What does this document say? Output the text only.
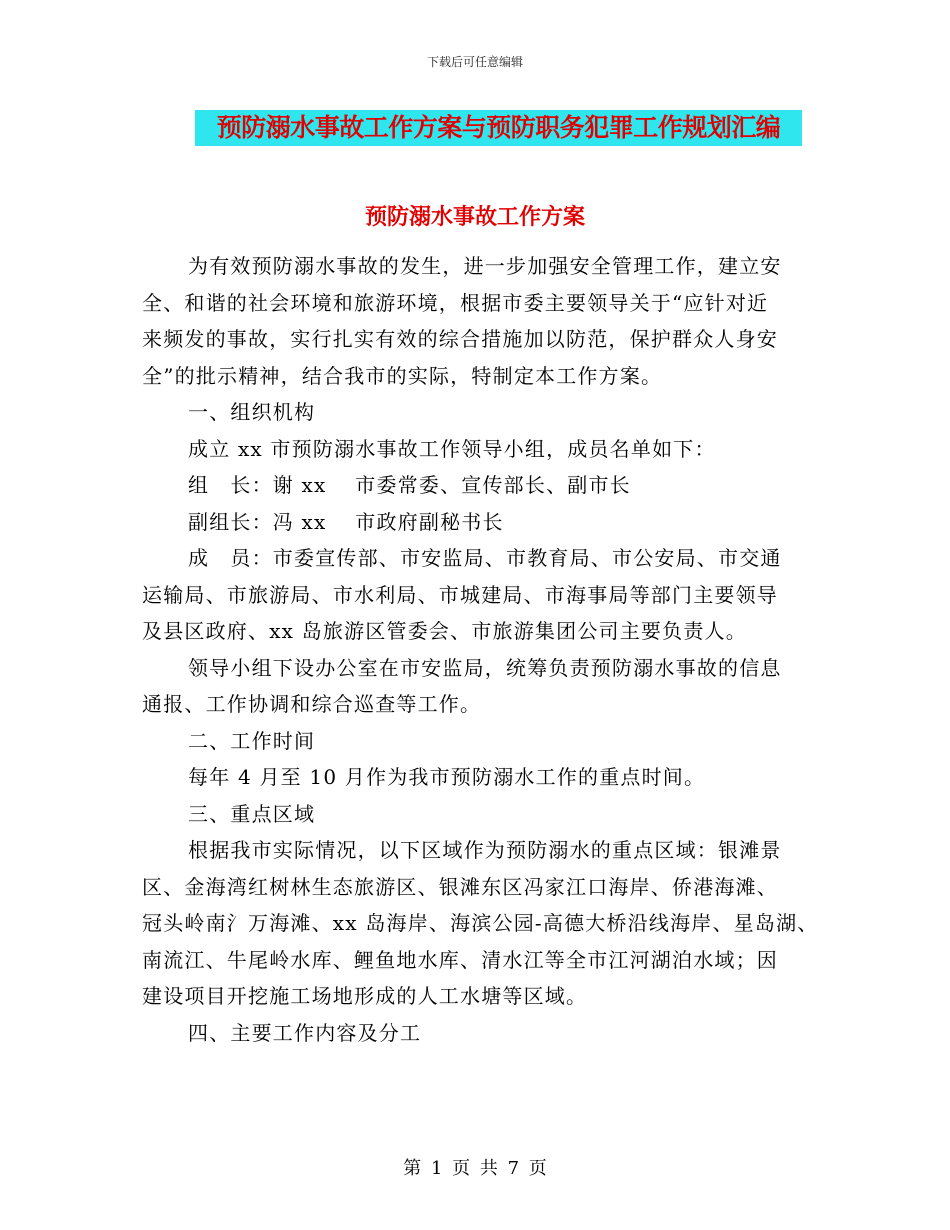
下载后可任意编辑
预防溺水事故工作方案与预防职务犯罪工作规划汇编
预防溺水事故工作方案

为有效预防溺水事故的发生，进一步加强安全管理工作，建立安

全、和谐的社会环境和旅游环境，根据市委主要领导关于“应针对近

来频发的事故，实行扎实有效的综合措施加以防范，保护群众人身安

全”的批示精神，结合我市的实际，特制定本工作方案。

一、组织机构

成立 xx 市预防溺水事故工作领导小组，成员名单如下：

组　长：谢 xx　 市委常委、宣传部长、副市长

副组长：冯 xx　 市政府副秘书长

成　员：市委宣传部、市安监局、市教育局、市公安局、市交通

运输局、市旅游局、市水利局、市城建局、市海事局等部门主要领导

及县区政府、xx 岛旅游区管委会、市旅游集团公司主要负责人。

领导小组下设办公室在市安监局，统筹负责预防溺水事故的信息

通报、工作协调和综合巡查等工作。

二、工作时间

每年 4 月至 10 月作为我市预防溺水工作的重点时间。

三、重点区域

根据我市实际情况，以下区域作为预防溺水的重点区域：银滩景

区、金海湾红树林生态旅游区、银滩东区冯家江口海岸、侨港海滩、

冠头岭南氵万海滩、xx 岛海岸、海滨公园-高德大桥沿线海岸、星岛湖、

南流江、牛尾岭水库、鲤鱼地水库、清水江等全市江河湖泊水域；因

建设项目开挖施工场地形成的人工水塘等区域。

四、主要工作内容及分工

第 1 页 共 7 页
